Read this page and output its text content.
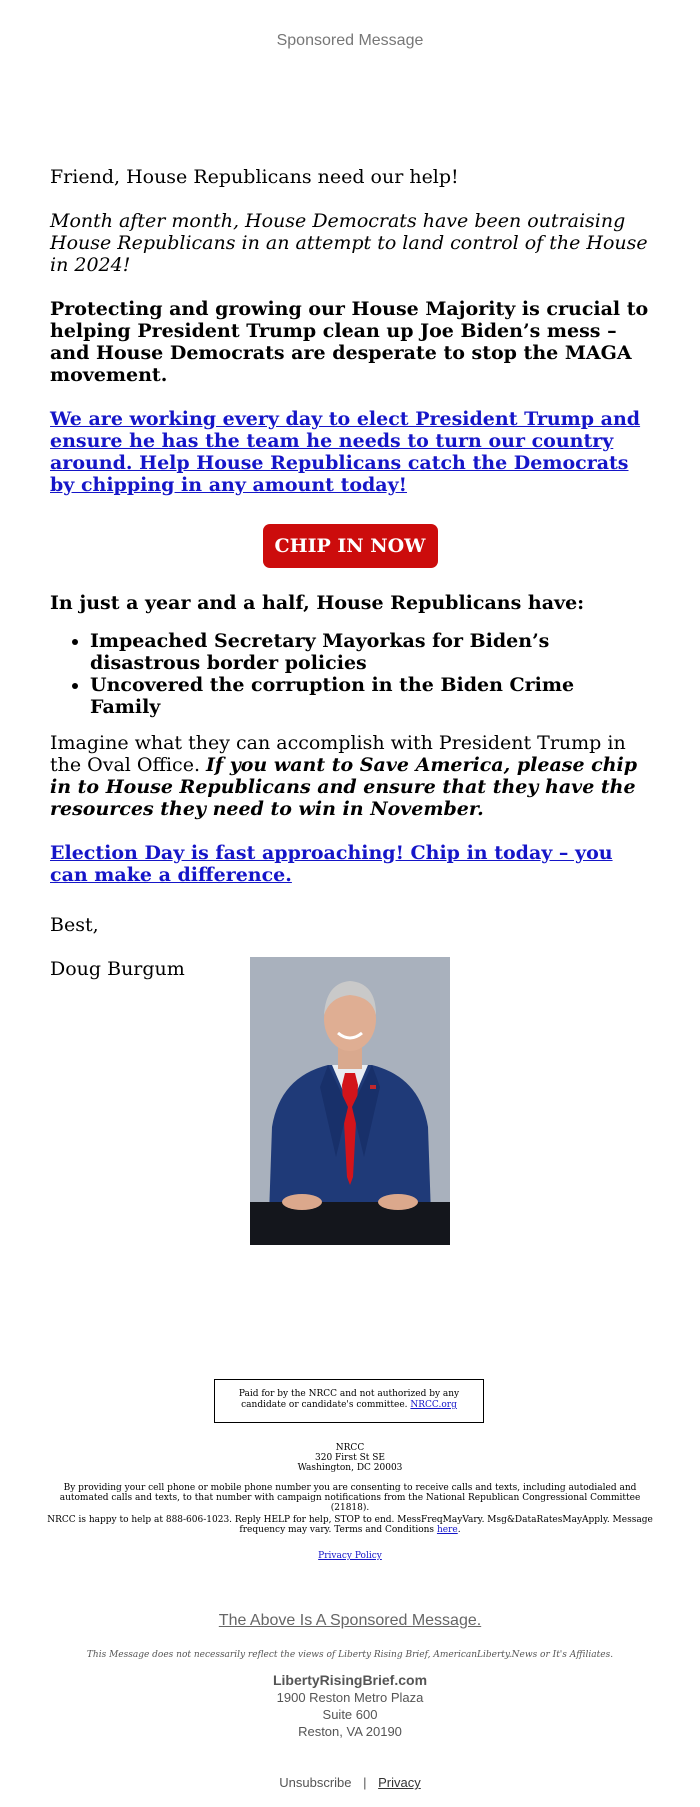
Sponsored Message

Friend, House Republicans need our help!

Month after month, House Democrats have been outraising House Republicans in an attempt to land control of the House in 2024!

Protecting and growing our House Majority is crucial to helping President Trump clean up Joe Biden’s mess – and House Democrats are desperate to stop the MAGA movement.

We are working every day to elect President Trump and ensure he has the team he needs to turn our country around. Help House Republicans catch the Democrats by chipping in any amount today!
CHIP IN NOW

In just a year and a half, House Republicans have:

• Impeached Secretary Mayorkas for Biden’s disastrous border policies
• Uncovered the corruption in the Biden Crime Family

Imagine what they can accomplish with President Trump in the Oval Office. If you want to Save America, please chip in to House Republicans and ensure that they have the resources they need to win in November.

Election Day is fast approaching! Chip in today – you can make a difference.

Best,

Doug Burgum

Paid for by the NRCC and not authorized by any candidate or candidate's committee. NRCC.org
NRCC
320 First St SE
Washington, DC 20003
By providing your cell phone or mobile phone number you are consenting to receive calls and texts, including autodialed and automated calls and texts, to that number with campaign notifications from the National Republican Congressional Committee (21818).
NRCC is happy to help at 888-606-1023. Reply HELP for help, STOP to end. MessFreqMayVary. Msg&DataRatesMayApply. Message frequency may vary. Terms and Conditions here.
Privacy Policy
The Above Is A Sponsored Message.
This Message does not necessarily reflect the views of Liberty Rising Brief, AmericanLiberty.News or It's Affiliates.
LibertyRisingBrief.com
1900 Reston Metro Plaza
Suite 600
Reston, VA 20190
Unsubscribe | Privacy
